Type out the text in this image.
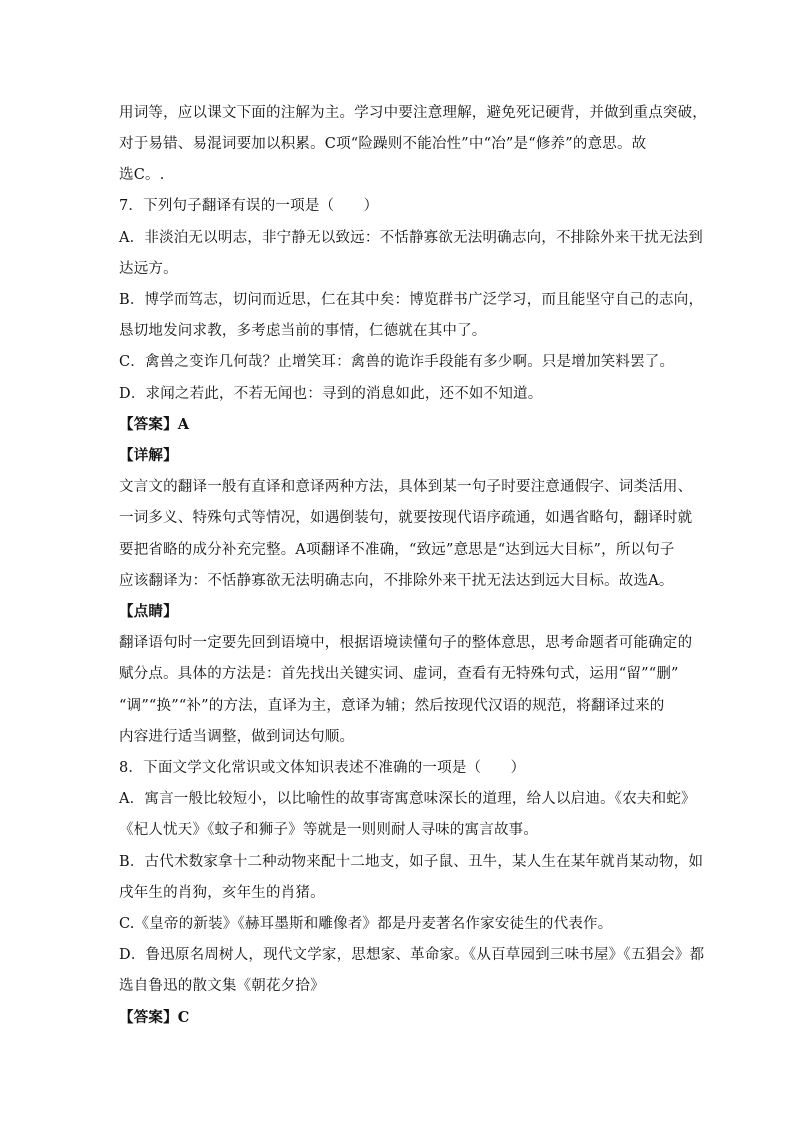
用词等，应以课文下面的注解为主。学习中要注意理解，避免死记硬背，并做到重点突破，
对于易错、易混词要加以积累。C项“险躁则不能冶性”中“冶”是“修养”的意思。故
选C。.
7．下列句子翻译有误的一项是（　　）
A．非淡泊无以明志，非宁静无以致远：不恬静寡欲无法明确志向，不排除外来干扰无法到
达远方。
B．博学而笃志，切问而近思，仁在其中矣：博览群书广泛学习，而且能坚守自己的志向，
恳切地发问求教，多考虑当前的事情，仁德就在其中了。
C．禽兽之变诈几何哉？止增笑耳：禽兽的诡诈手段能有多少啊。只是增加笑料罢了。
D．求闻之若此，不若无闻也：寻到的消息如此，还不如不知道。
【答案】A
【详解】
文言文的翻译一般有直译和意译两种方法，具体到某一句子时要注意通假字、词类活用、
一词多义、特殊句式等情况，如遇倒装句，就要按现代语序疏通，如遇省略句，翻译时就
要把省略的成分补充完整。A项翻译不准确，“致远”意思是“达到远大目标”，所以句子
应该翻译为：不恬静寡欲无法明确志向，不排除外来干扰无法达到远大目标。故选A。
【点睛】
翻译语句时一定要先回到语境中，根据语境读懂句子的整体意思，思考命题者可能确定的
赋分点。具体的方法是：首先找出关键实词、虚词，查看有无特殊句式，运用“留”“删”
“调”“换”“补”的方法，直译为主，意译为辅；然后按现代汉语的规范，将翻译过来的
内容进行适当调整，做到词达句顺。
8．下面文学文化常识或文体知识表述不准确的一项是（　　）
A．寓言一般比较短小，以比喻性的故事寄寓意味深长的道理，给人以启迪。《农夫和蛇》
《杞人忧天》《蚊子和狮子》等就是一则则耐人寻味的寓言故事。
B．古代术数家拿十二种动物来配十二地支，如子鼠、丑牛，某人生在某年就肖某动物，如
戌年生的肖狗，亥年生的肖猪。
C.《皇帝的新装》《赫耳墨斯和雕像者》都是丹麦著名作家安徒生的代表作。
D．鲁迅原名周树人，现代文学家，思想家、革命家。《从百草园到三味书屋》《五猖会》都
选自鲁迅的散文集《朝花夕拾》
【答案】C
